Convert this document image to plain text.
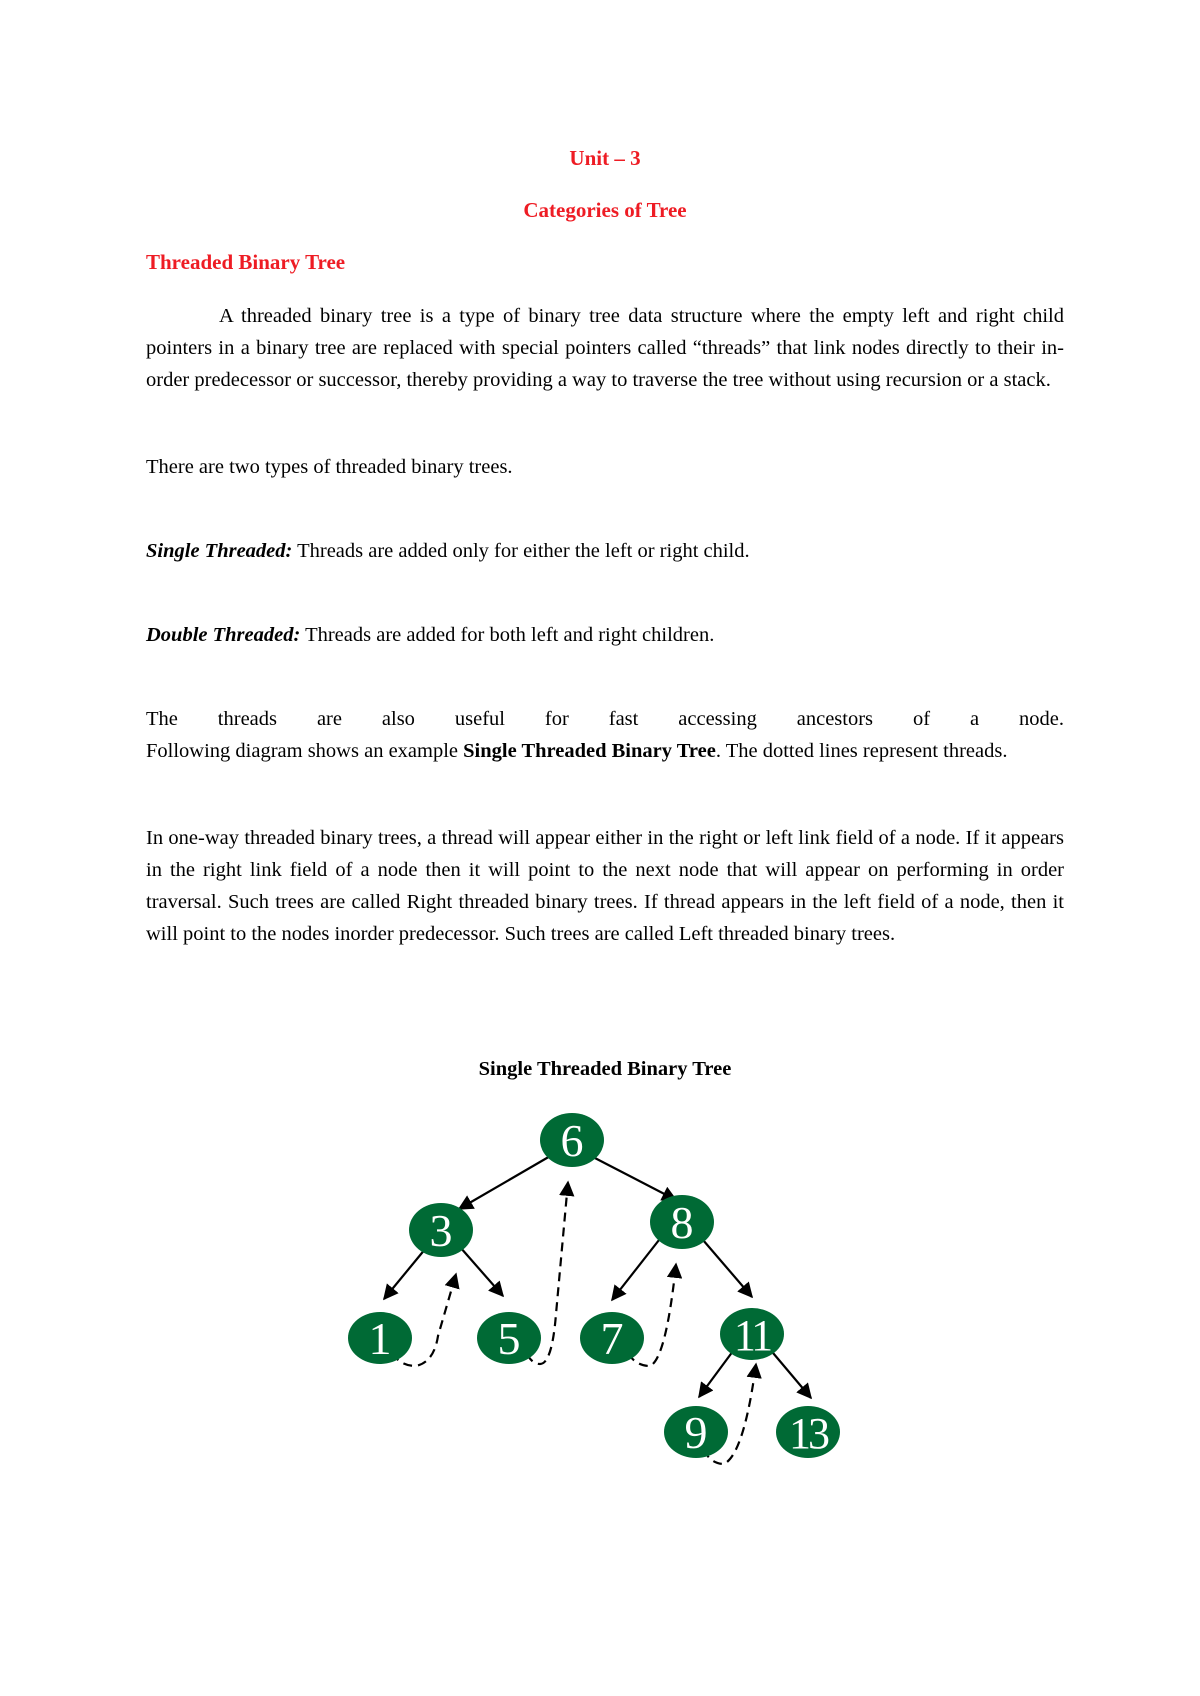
Unit – 3
Categories of Tree
Threaded Binary Tree
A threaded binary tree is a type of binary tree data structure where the empty left and right child pointers in a binary tree are replaced with special pointers called “threads” that link nodes directly to their in-order predecessor or successor, thereby providing a way to traverse the tree without using recursion or a stack.
There are two types of threaded binary trees.
Single Threaded: Threads are added only for either the left or right child.
Double Threaded: Threads are added for both left and right children.
The threads are also useful for fast accessing ancestors of a node.
Following diagram shows an example Single Threaded Binary Tree. The dotted lines represent threads.
In one-way threaded binary trees, a thread will appear either in the right or left link field of a node. If it appears in the right link field of a node then it will point to the next node that will appear on performing in order traversal. Such trees are called Right threaded binary trees. If thread appears in the left field of a node, then it will point to the nodes inorder predecessor. Such trees are called Left threaded binary trees.
Single Threaded Binary Tree
6
3	8
1 5 7	11
9 13
